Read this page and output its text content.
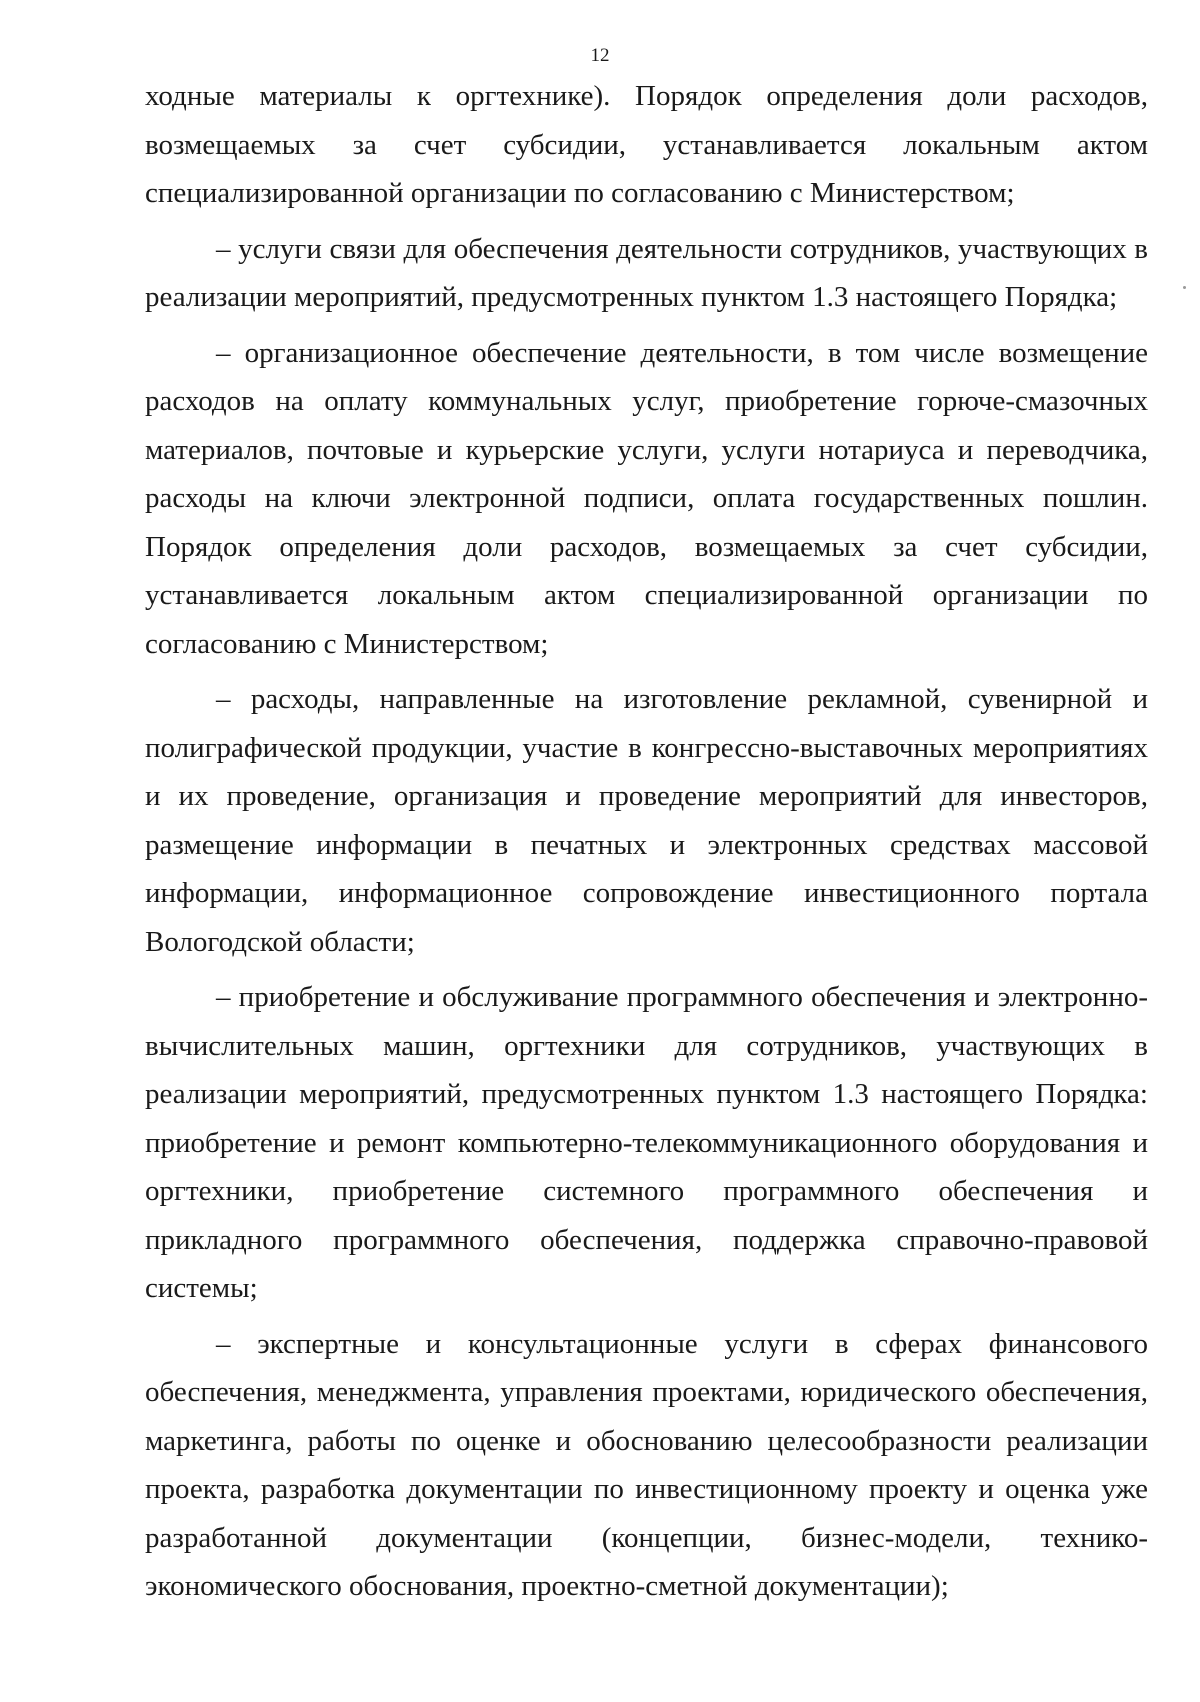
12

ходные материалы к оргтехнике). Порядок определения доли расходов, возмещаемых за счет субсидии, устанавливается локальным актом специализированной организации по согласованию с Министерством;

– услуги связи для обеспечения деятельности сотрудников, участвующих в реализации мероприятий, предусмотренных пунктом 1.3 настоящего Порядка;

– организационное обеспечение деятельности, в том числе возмещение расходов на оплату коммунальных услуг, приобретение горюче-смазочных материалов, почтовые и курьерские услуги, услуги нотариуса и переводчика, расходы на ключи электронной подписи, оплата государственных пошлин. Порядок определения доли расходов, возмещаемых за счет субсидии, устанавливается локальным актом специализированной организации по согласованию с Министерством;

– расходы, направленные на изготовление рекламной, сувенирной и полиграфической продукции, участие в конгрессно-выставочных мероприятиях и их проведение, организация и проведение мероприятий для инвесторов, размещение информации в печатных и электронных средствах массовой информации, информационное сопровождение инвестиционного портала Вологодской области;

– приобретение и обслуживание программного обеспечения и электронно-вычислительных машин, оргтехники для сотрудников, участвующих в реализации мероприятий, предусмотренных пунктом 1.3 настоящего Порядка: приобретение и ремонт компьютерно-телекоммуникационного оборудования и оргтехники, приобретение системного программного обеспечения и прикладного программного обеспечения, поддержка справочно-правовой системы;

– экспертные и консультационные услуги в сферах финансового обеспечения, менеджмента, управления проектами, юридического обеспечения, маркетинга, работы по оценке и обоснованию целесообразности реализации проекта, разработка документации по инвестиционному проекту и оценка уже разработанной документации (концепции, бизнес-модели, технико-экономического обоснования, проектно-сметной документации);
